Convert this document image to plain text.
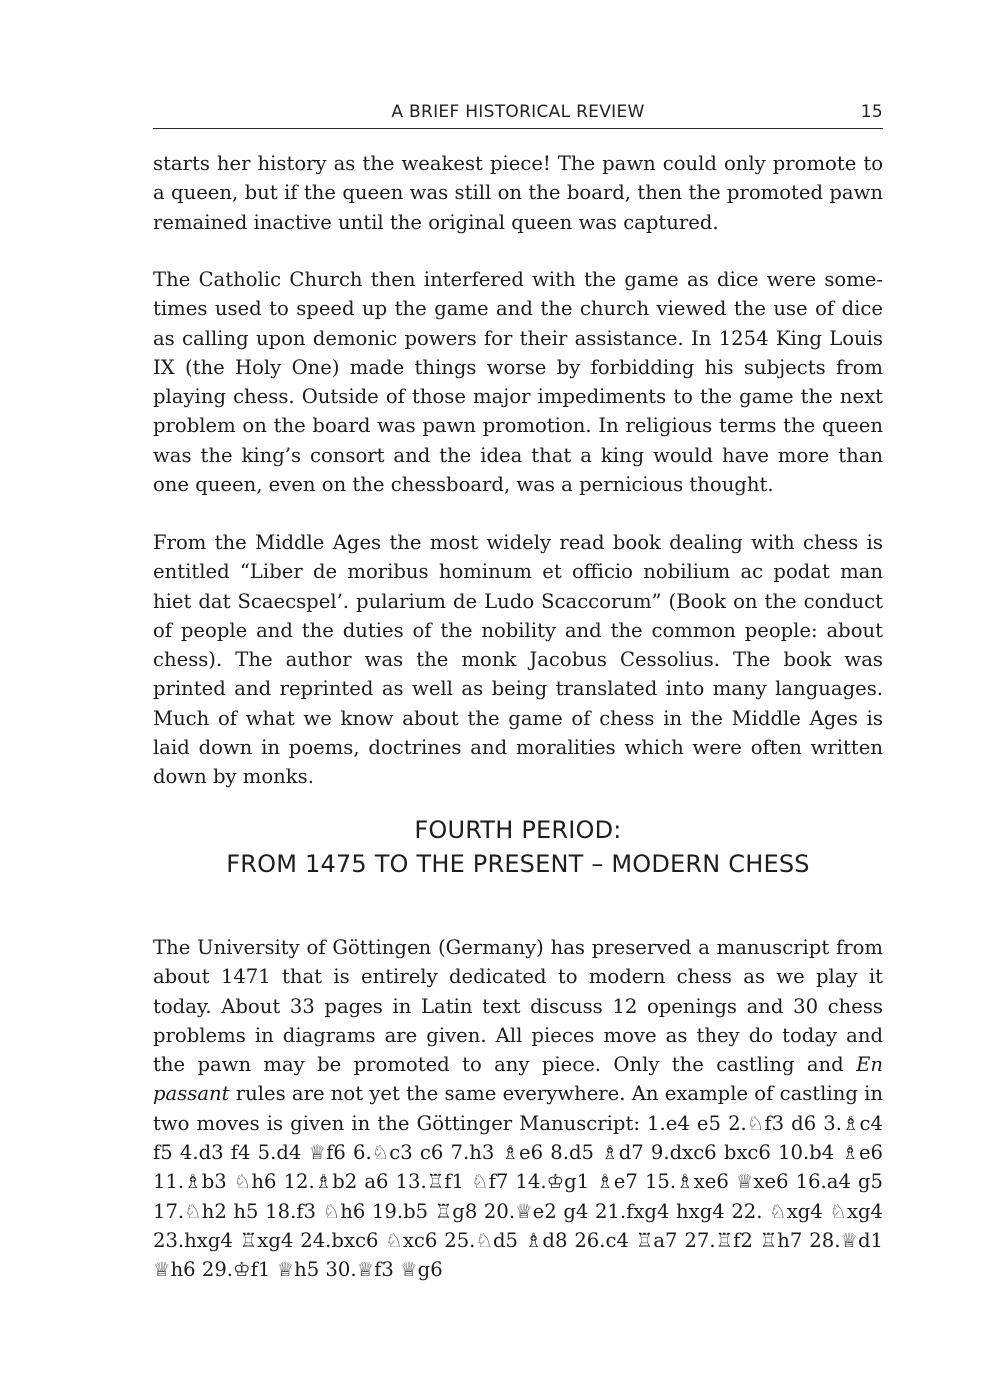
A BRIEF HISTORICAL REVIEW	15

starts her history as the weakest piece! The pawn could only promote to a queen, but if the queen was still on the board, then the promoted pawn remained inactive until the original queen was captured.

The Catholic Church then interfered with the game as dice were sometimes used to speed up the game and the church viewed the use of dice as calling upon demonic powers for their assistance. In 1254 King Louis IX (the Holy One) made things worse by forbidding his subjects from playing chess. Outside of those major impediments to the game the next problem on the board was pawn promotion. In religious terms the queen was the king’s consort and the idea that a king would have more than one queen, even on the chessboard, was a pernicious thought.

From the Middle Ages the most widely read book dealing with chess is entitled “Liber de moribus hominum et officio nobilium ac podat man hiet dat Scaecspel’. pularium de Ludo Scaccorum” (Book on the conduct of people and the duties of the nobility and the common people: about chess). The author was the monk Jacobus Cessolius. The book was printed and reprinted as well as being translated into many languages. Much of what we know about the game of chess in the Middle Ages is laid down in poems, doctrines and moralities which were often written down by monks.

FOURTH PERIOD:
FROM 1475 TO THE PRESENT – MODERN CHESS

The University of Göttingen (Germany) has preserved a manuscript from about 1471 that is entirely dedicated to modern chess as we play it today. About 33 pages in Latin text discuss 12 openings and 30 chess problems in diagrams are given. All pieces move as they do today and the pawn may be promoted to any piece. Only the castling and En passant rules are not yet the same everywhere. An example of castling in two moves is given in the Göttinger Manuscript: 1.e4 e5 2.♘f3 d6 3.♗c4 f5 4.d3 f4 5.d4 ♕f6 6.♘c3 c6 7.h3 ♗e6 8.d5 ♗d7 9.dxc6 bxc6 10.b4 ♗e6 11.♗b3 ♘h6 12.♗b2 a6 13.♖f1 ♘f7 14.♔g1 ♗e7 15.♗xe6 ♕xe6 16.a4 g5 17.♘h2 h5 18.f3 ♘h6 19.b5 ♖g8 20.♕e2 g4 21.fxg4 hxg4 22. ♘xg4 ♘xg4 23.hxg4 ♖xg4 24.bxc6 ♘xc6 25.♘d5 ♗d8 26.c4 ♖a7 27.♖f2 ♖h7 28.♕d1 ♕h6 29.♔f1 ♕h5 30.♕f3 ♕g6
